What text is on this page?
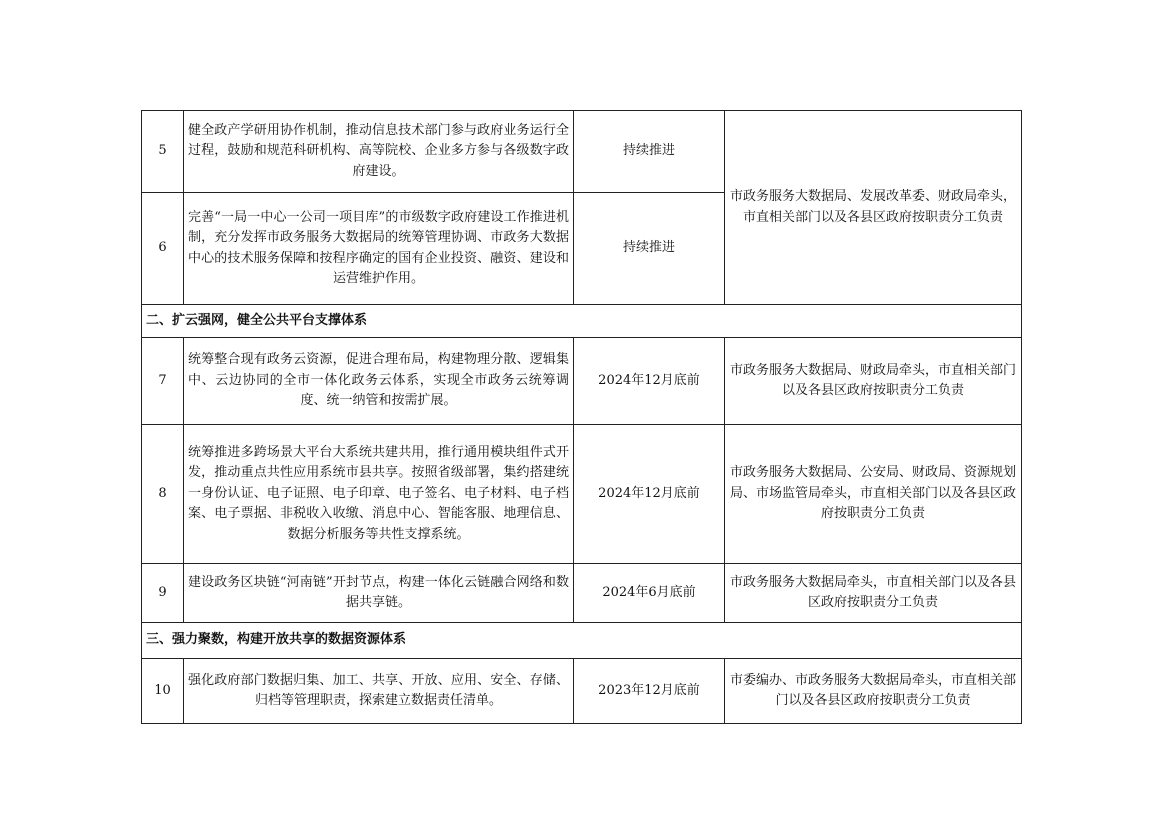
5	健全政产学研用协作机制，推动信息技术部门参与政府业务运行全过程，鼓励和规范科研机构、高等院校、企业多方参与各级数字政府建设。	持续推进	市政务服务大数据局、发展改革委、财政局牵头，市直相关部门以及各县区政府按职责分工负责
6	完善“一局一中心一公司一项目库”的市级数字政府建设工作推进机制，充分发挥市政务服务大数据局的统筹管理协调、市政务大数据中心的技术服务保障和按程序确定的国有企业投资、融资、建设和运营维护作用。	持续推进	
二、扩云强网，健全公共平台支撑体系			
7	统筹整合现有政务云资源，促进合理布局，构建物理分散、逻辑集中、云边协同的全市一体化政务云体系，实现全市政务云统筹调度、统一纳管和按需扩展。	2024年12月底前	市政务服务大数据局、财政局牵头，市直相关部门以及各县区政府按职责分工负责
8	统筹推进多跨场景大平台大系统共建共用，推行通用模块组件式开发，推动重点共性应用系统市县共享。按照省级部署，集约搭建统一身份认证、电子证照、电子印章、电子签名、电子材料、电子档案、电子票据、非税收入收缴、消息中心、智能客服、地理信息、数据分析服务等共性支撑系统。	2024年12月底前	市政务服务大数据局、公安局、财政局、资源规划局、市场监管局牵头，市直相关部门以及各县区政府按职责分工负责
9	建设政务区块链“河南链”开封节点，构建一体化云链融合网络和数据共享链。	2024年6月底前	市政务服务大数据局牵头，市直相关部门以及各县区政府按职责分工负责
三、强力聚数，构建开放共享的数据资源体系			
10	强化政府部门数据归集、加工、共享、开放、应用、安全、存储、归档等管理职责，探索建立数据责任清单。	2023年12月底前	市委编办、市政务服务大数据局牵头，市直相关部门以及各县区政府按职责分工负责
